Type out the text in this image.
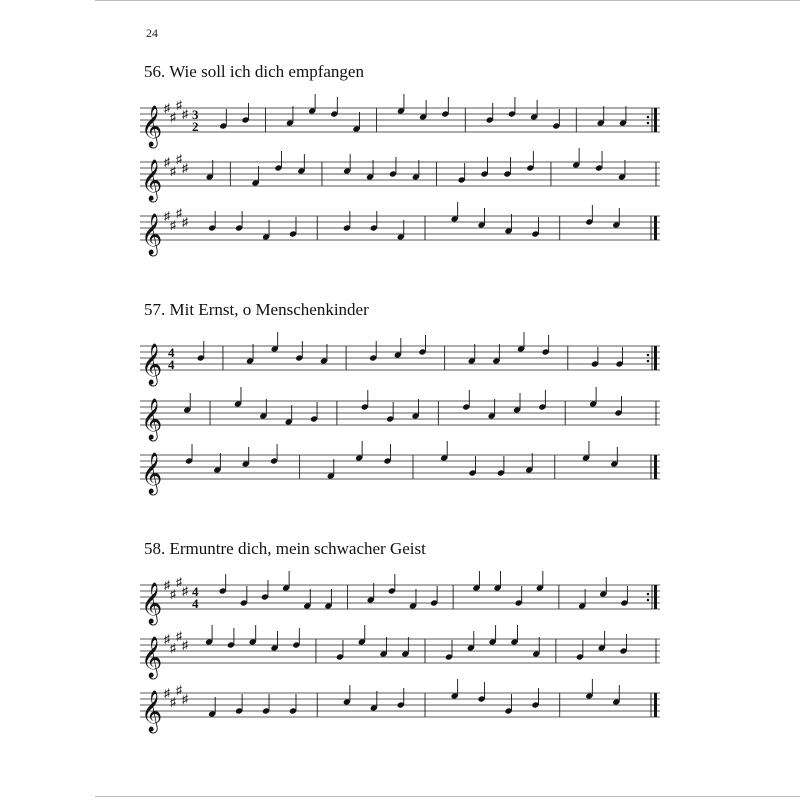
24
56. Wie soll ich dich empfangen
𝄞 ♯
♯
♯
♯ 3
2
𝄞 ♯
♯
♯
♯
𝄞 ♯
♯
♯
♯
57. Mit Ernst, o Menschenkinder
𝄞 4
4
𝄞
𝄞
58. Ermuntre dich, mein schwacher Geist
𝄞 ♯
♯
♯
♯ 4
4
𝄞 ♯
♯
♯
♯
𝄞 ♯
♯
♯
♯
